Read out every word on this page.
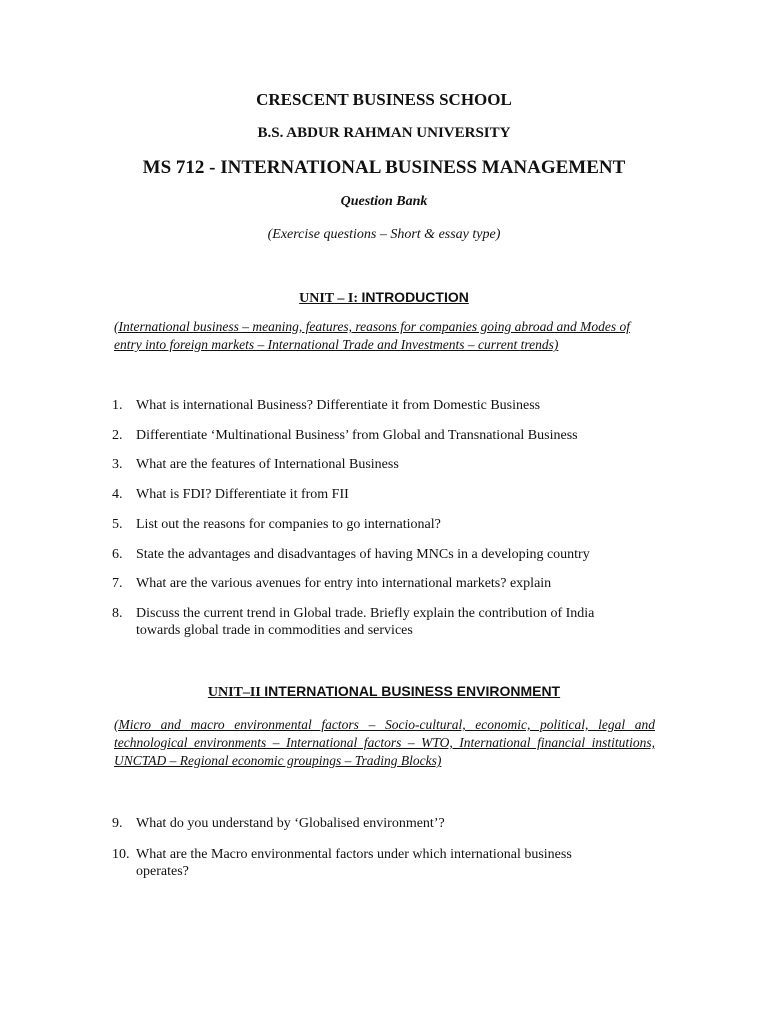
CRESCENT BUSINESS SCHOOL
B.S. ABDUR RAHMAN UNIVERSITY
MS 712 - INTERNATIONAL BUSINESS MANAGEMENT
Question Bank
(Exercise questions – Short & essay type)
UNIT – I: INTRODUCTION
(International business – meaning, features, reasons for companies going abroad and Modes of entry into foreign markets – International Trade and Investments – current trends)
1. What is international Business? Differentiate it from Domestic Business
2. Differentiate ‘Multinational Business’ from Global and Transnational Business
3. What are the features of International Business
4. What is FDI? Differentiate it from FII
5. List out the reasons for companies to go international?
6. State the advantages and disadvantages of having MNCs in a developing country
7. What are the various avenues for entry into international markets? explain
8. Discuss the current trend in Global trade. Briefly explain the contribution of India towards global trade in commodities and services
UNIT–II INTERNATIONAL BUSINESS ENVIRONMENT
(Micro and macro environmental factors – Socio-cultural, economic, political, legal and technological environments – International factors – WTO, International financial institutions, UNCTAD – Regional economic groupings – Trading Blocks)
9. What do you understand by ‘Globalised environment’?
10. What are the Macro environmental factors under which international business operates?
